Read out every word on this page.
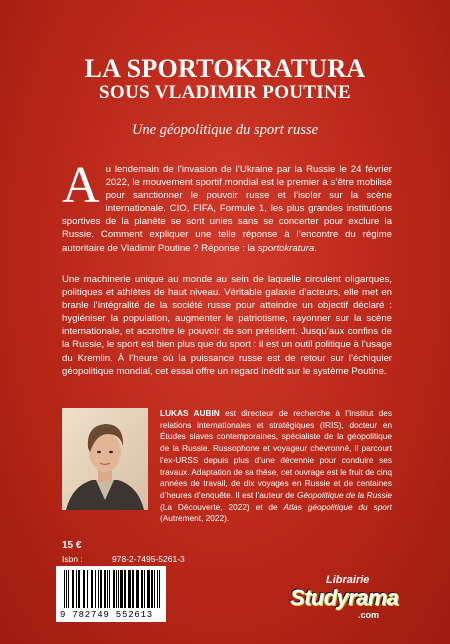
LA SPORTOKRATURA
SOUS VLADIMIR POUTINE
Une géopolitique du sport russe
Au lendemain de l’invasion de l’Ukraine par la Russie le 24 février 2022, le mouvement sportif mondial est le premier à s’être mobilisé pour sanctionner le pouvoir russe et l’isoler sur la scène internationale. CIO, FIFA, Formule 1, les plus grandes institutions sportives de la planète se sont unies sans se concerter pour exclure la Russie. Comment expliquer une telle réponse à l’encontre du régime autoritaire de Vladimir Poutine ? Réponse : la sportokratura.
Une machinerie unique au monde au sein de laquelle circulent oligarques, politiques et athlètes de haut niveau. Véritable galaxie d’acteurs, elle met en branle l’intégralité de la société russe pour atteindre un objectif déclaré : hygiéniser la population, augmenter le patriotisme, rayonner sur la scène internationale, et accroître le pouvoir de son président. Jusqu’aux confins de la Russie, le sport est bien plus que du sport : il est un outil politique à l’usage du Kremlin. À l’heure où la puissance russe est de retour sur l’échiquier géopolitique mondial, cet essai offre un regard inédit sur le système Poutine.
LUKAS AUBIN est directeur de recherche à l’Institut des relations internationales et stratégiques (IRIS), docteur en Études slaves contemporaines, spécialiste de la géopolitique de la Russie. Russophone et voyageur chevronné, il parcourt l’ex-URSS depuis plus d’une décennie pour conduire ses travaux. Adaptation de sa thèse, cet ouvrage est le fruit de cinq années de travail, de dix voyages en Russie et de centaines d’heures d’enquête. Il est l’auteur de Géopolitique de la Russie (La Découverte, 2022) et de Atlas géopolitique du sport (Autrement, 2022).
15 €
Isbn :	978-2-7495-5261-3
9 782749 552613
Librairie
Studyrama
.com
